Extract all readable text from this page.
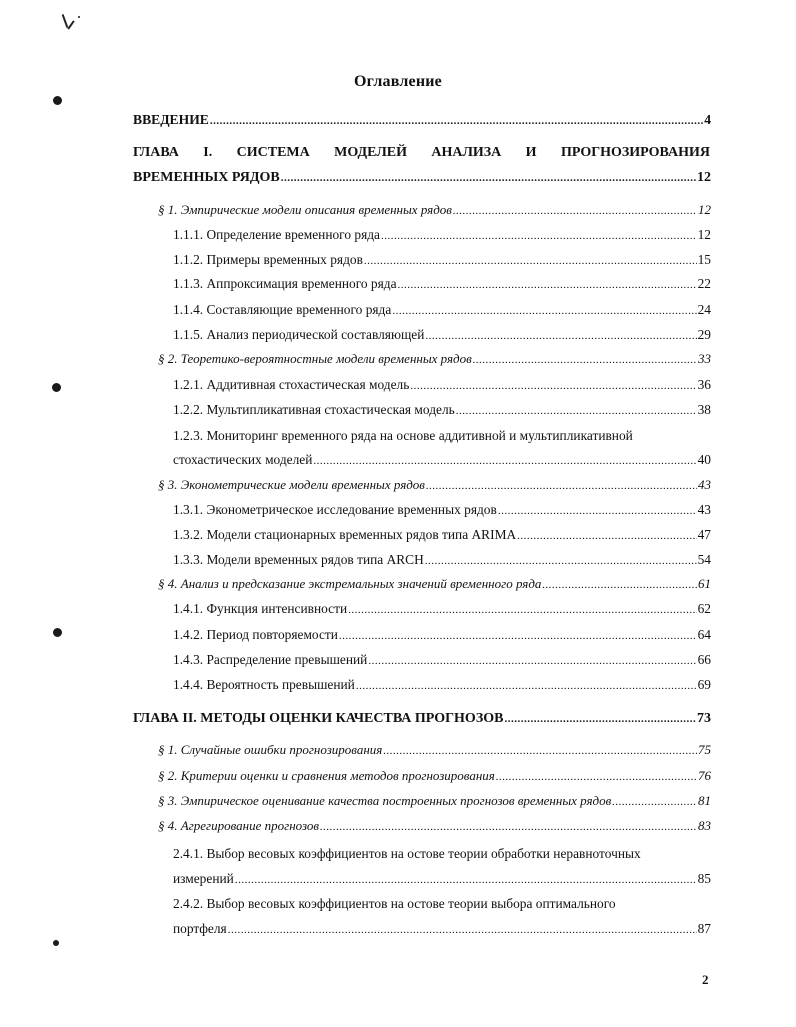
Оглавление
ВВЕДЕНИЕ .....	4
ГЛАВА I. СИСТЕМА МОДЕЛЕЙ АНАЛИЗА И ПРОГНОЗИРОВАНИЯ
ВРЕМЕННЫХ РЯДОВ .....	12
§ 1. Эмпирические модели описания временных рядов .....	12
1.1.1. Определение временного ряда .....	12
1.1.2. Примеры временных рядов .....	15
1.1.3. Аппроксимация временного ряда .....	22
1.1.4. Составляющие временного ряда .....	24
1.1.5. Анализ периодической составляющей .....	29
§ 2. Теоретико-вероятностные модели временных рядов .....	33
1.2.1. Аддитивная стохастическая модель .....	36
1.2.2. Мультипликативная стохастическая модель .....	38
1.2.3. Мониторинг временного ряда на основе аддитивной и мультипликативной
стохастических моделей .....	40
§ 3. Эконометрические модели временных рядов .....	43
1.3.1. Эконометрическое исследование временных рядов .....	43
1.3.2. Модели стационарных временных рядов типа ARIMA .....	47
1.3.3. Модели временных рядов типа ARCH .....	54
§ 4. Анализ и предсказание экстремальных значений временного ряда .....	61
1.4.1. Функция интенсивности .....	62
1.4.2. Период повторяемости .....	64
1.4.3. Распределение превышений .....	66
1.4.4. Вероятность превышений .....	69
ГЛАВА II. МЕТОДЫ ОЦЕНКИ КАЧЕСТВА ПРОГНОЗОВ .....	73
§ 1. Случайные ошибки прогнозирования .....	75
§ 2. Критерии оценки и сравнения методов прогнозирования .....	76
§ 3. Эмпирическое оценивание качества построенных прогнозов временных рядов .....	81
§ 4. Агрегирование прогнозов .....	83
2.4.1. Выбор весовых коэффициентов на остове теории обработки неравноточных
измерений .....	85
2.4.2. Выбор весовых коэффициентов на остове теории выбора оптимального
портфеля .....	87
2
